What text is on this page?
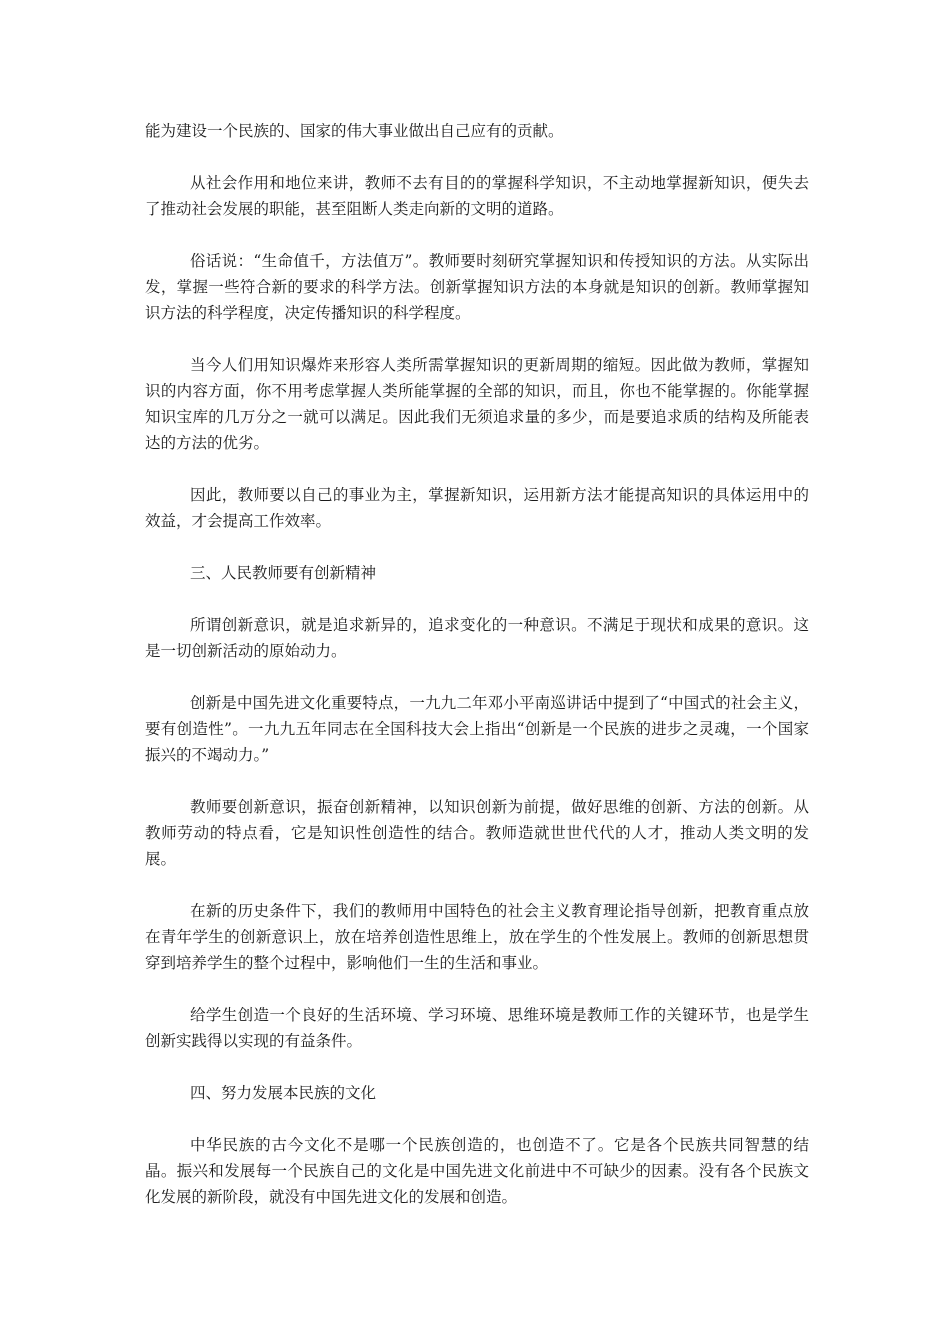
能为建设一个民族的、国家的伟大事业做出自己应有的贡献。

从社会作用和地位来讲，教师不去有目的的掌握科学知识，不主动地掌握新知识，便失去了推动社会发展的职能，甚至阻断人类走向新的文明的道路。

俗话说：“生命值千，方法值万”。教师要时刻研究掌握知识和传授知识的方法。从实际出发，掌握一些符合新的要求的科学方法。创新掌握知识方法的本身就是知识的创新。教师掌握知识方法的科学程度，决定传播知识的科学程度。

当今人们用知识爆炸来形容人类所需掌握知识的更新周期的缩短。因此做为教师，掌握知识的内容方面，你不用考虑掌握人类所能掌握的全部的知识，而且，你也不能掌握的。你能掌握知识宝库的几万分之一就可以满足。因此我们无须追求量的多少，而是要追求质的结构及所能表达的方法的优劣。

因此，教师要以自己的事业为主，掌握新知识，运用新方法才能提高知识的具体运用中的效益，才会提高工作效率。

三、人民教师要有创新精神

所谓创新意识，就是追求新异的，追求变化的一种意识。不满足于现状和成果的意识。这是一切创新活动的原始动力。

创新是中国先进文化重要特点，一九九二年邓小平南巡讲话中提到了“中国式的社会主义，要有创造性”。一九九五年同志在全国科技大会上指出“创新是一个民族的进步之灵魂，一个国家振兴的不竭动力。”

教师要创新意识，振奋创新精神，以知识创新为前提，做好思维的创新、方法的创新。从教师劳动的特点看，它是知识性创造性的结合。教师造就世世代代的人才，推动人类文明的发展。

在新的历史条件下，我们的教师用中国特色的社会主义教育理论指导创新，把教育重点放在青年学生的创新意识上，放在培养创造性思维上，放在学生的个性发展上。教师的创新思想贯穿到培养学生的整个过程中，影响他们一生的生活和事业。

给学生创造一个良好的生活环境、学习环境、思维环境是教师工作的关键环节，也是学生创新实践得以实现的有益条件。

四、努力发展本民族的文化

中华民族的古今文化不是哪一个民族创造的，也创造不了。它是各个民族共同智慧的结晶。振兴和发展每一个民族自己的文化是中国先进文化前进中不可缺少的因素。没有各个民族文化发展的新阶段，就没有中国先进文化的发展和创造。
